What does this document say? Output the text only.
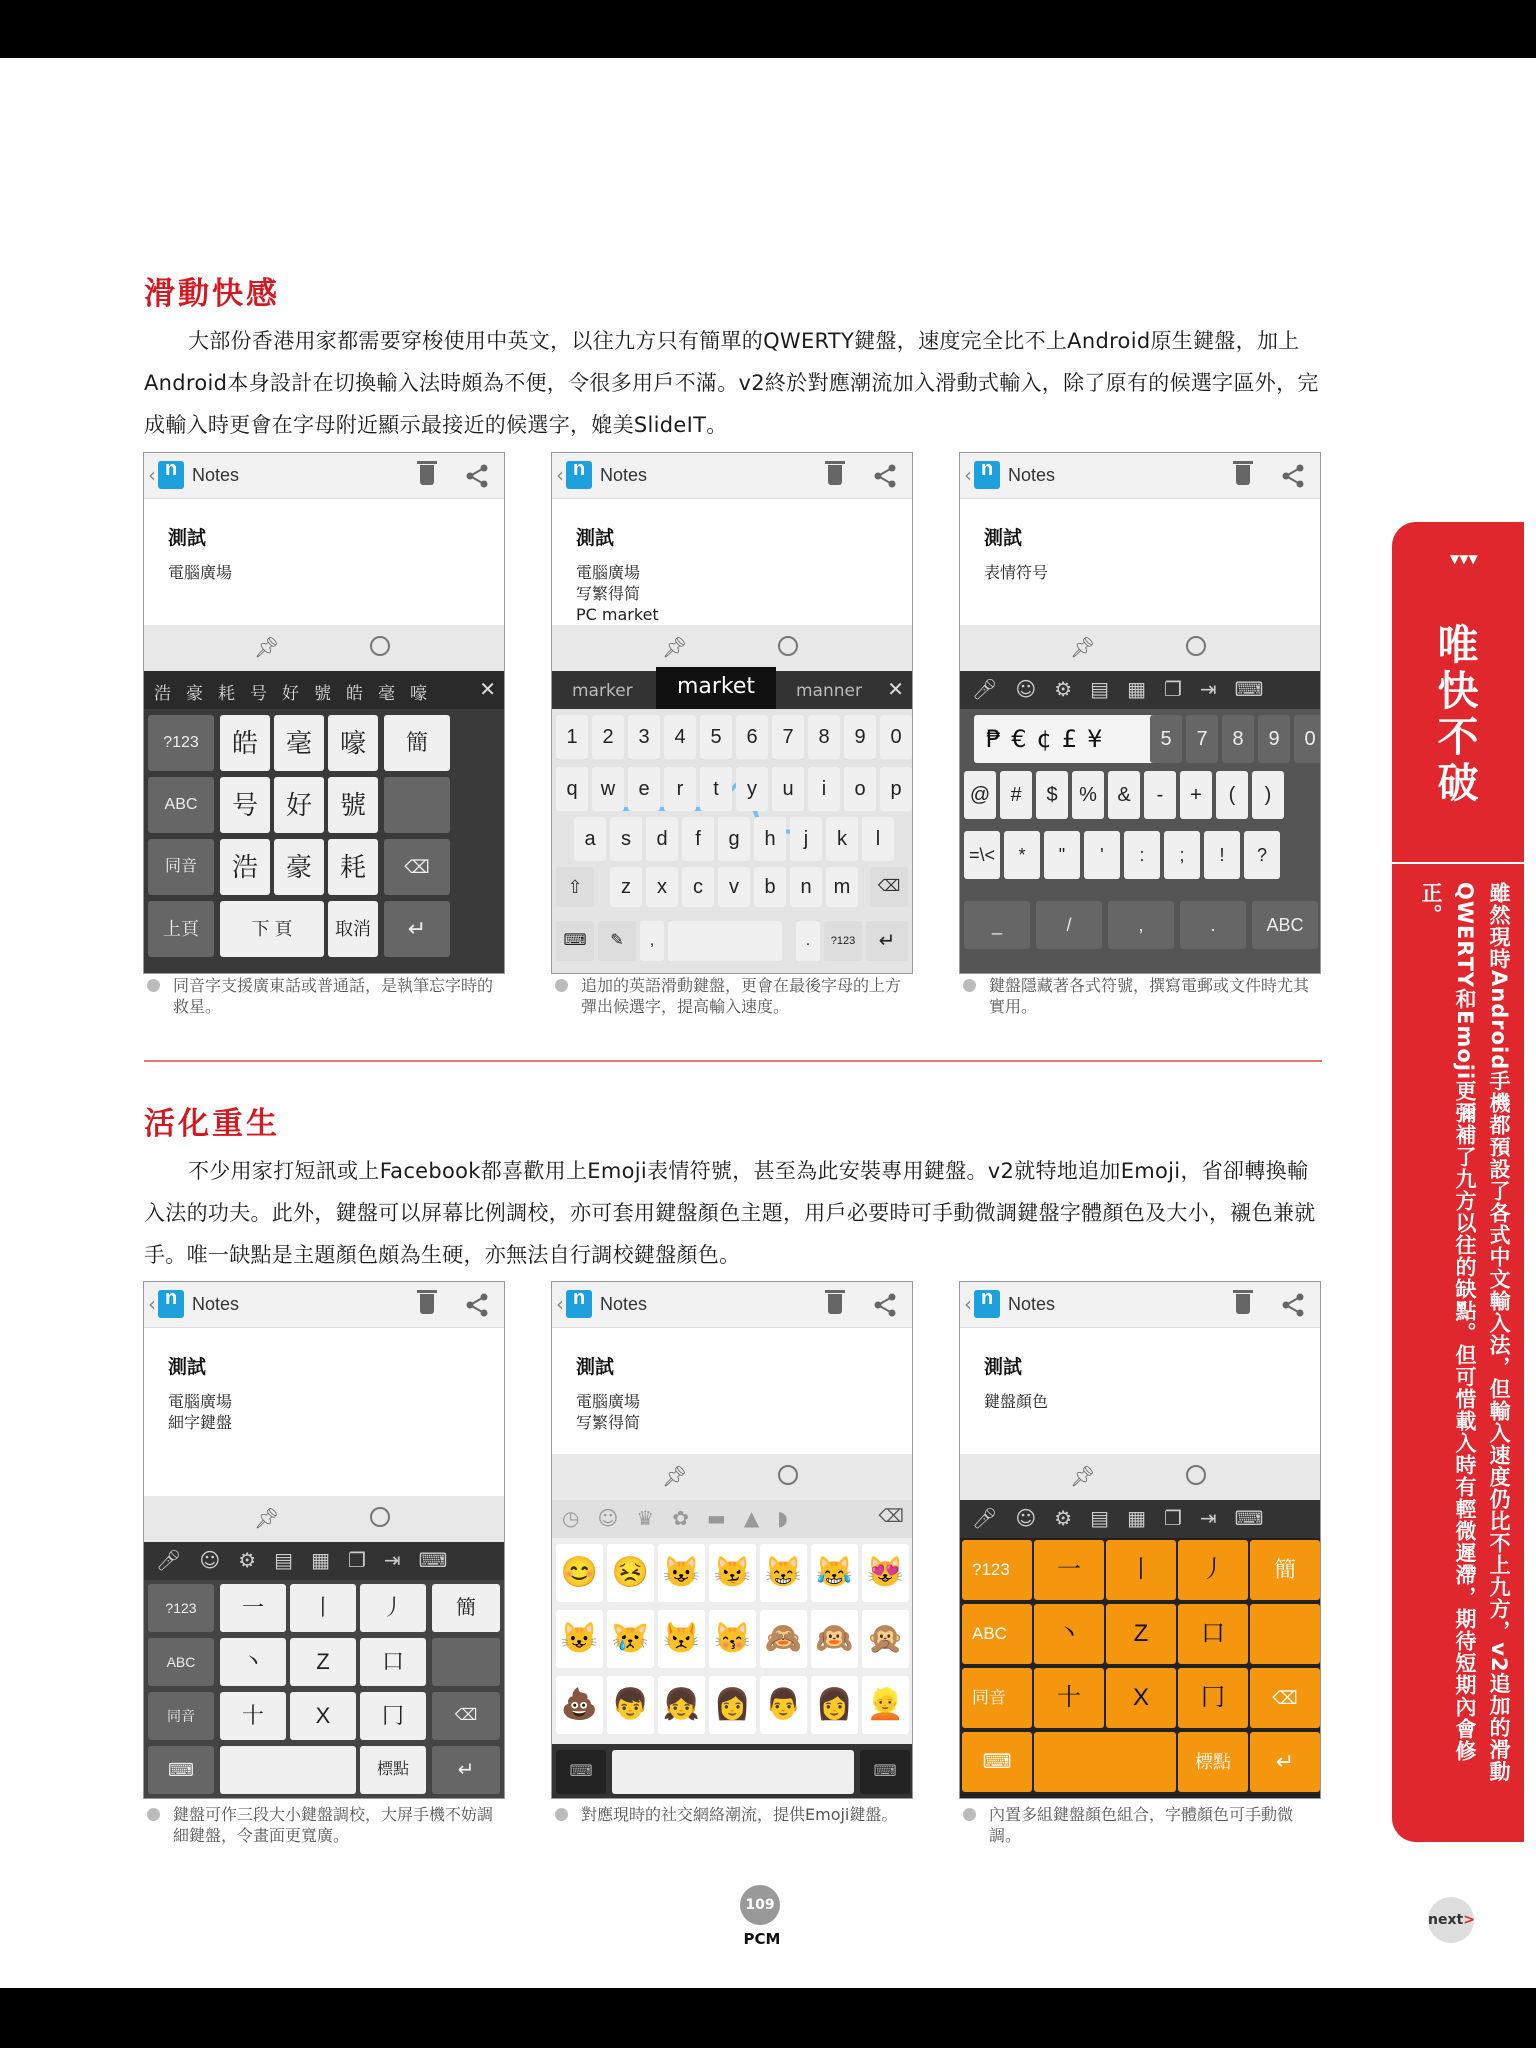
滑動快感
大部份香港用家都需要穿梭使用中英文，以往九方只有簡單的QWERTY鍵盤，速度完全比不上Android原生鍵盤，加上Android本身設計在切換輸入法時頗為不便，令很多用戶不滿。v2終於對應潮流加入滑動式輸入，除了原有的候選字區外，完成輸入時更會在字母附近顯示最接近的候選字，媲美SlideIT。
‹ n Notes
測試
電腦廣場
📌︎
浩豪耗号好號皓毫嚎 ✕
?123	皓	毫	嚎	簡
ABC	号	好	號
同音	浩	豪	耗	⌫
上頁	下 頁	取消	↵
同音字支援廣東話或普通話，是執筆忘字時的救星。
‹ n Notes
測試
電腦廣場
写繁得简
PC market
📌︎
marker	market	manner ✕
⇧	⌫
⌨	✎	,	.	?123	↵
1	2	3	4	5	6	7	8	9	0
q	w	e	r	t	y	u	i	o	p
a	s	d	f	g	h	j	k	l
z	x	c	v	b	n	m
追加的英語滑動鍵盤，更會在最後字母的上方彈出候選字，提高輸入速度。
‹ n Notes
測試
表情符号
📌︎
🎤︎☺⚙▤▦❐⇥⌨
₱€¢£¥	5	7	8	9	0
@	#	$	%	&	-	+	(	)
=\<	*	"	'	:	;	!	?
_	/	,	.	ABC
鍵盤隱藏著各式符號，撰寫電郵或文件時尤其實用。
活化重生
不少用家打短訊或上Facebook都喜歡用上Emoji表情符號，甚至為此安裝專用鍵盤。v2就特地追加Emoji，省卻轉換輸入法的功夫。此外，鍵盤可以屏幕比例調校，亦可套用鍵盤顏色主題，用戶必要時可手動微調鍵盤字體顏色及大小，襯色兼就手。唯一缺點是主題顏色頗為生硬，亦無法自行調校鍵盤顏色。
‹ n Notes
測試
電腦廣場
細字鍵盤
📌︎
🎤︎☺⚙▤▦❐⇥⌨
?123	一	丨	丿	簡
ABC	丶	Z	口
同音	十	X	冂	⌫
⌨	標點	↵
鍵盤可作三段大小鍵盤調校，大屏手機不妨調細鍵盤，令畫面更寬廣。
‹ n Notes
測試
電腦廣場
写繁得简
📌︎
◷☺♛✿▬▲◗	⌫
⌨	⌨
😊 😣 😺 😼 😸 😹 😻
😺 😿 😾 😽 🙈 🙉 🙊
💩 👦 👧 👩 👨 👩 👱
對應現時的社交網絡潮流，提供Emoji鍵盤。
‹ n Notes
測試
鍵盤顏色
📌︎
🎤︎☺⚙▤▦❐⇥⌨
?123	一	丨	丿	簡
ABC	丶	Z	口
同音	十	X	冂	⌫
⌨	標點	↵
內置多組鍵盤顏色組合，字體顏色可手動微調。
▼▼▼
唯快不破
雖然現時Android手機都預設了各式中文輸入法，但輸入速度仍比不上九方，v2追加的滑動QWERTY和Emoji更彌補了九方以往的缺點。但可惜載入時有輕微遲滯，期待短期內會修正。
109
PCM
next>
